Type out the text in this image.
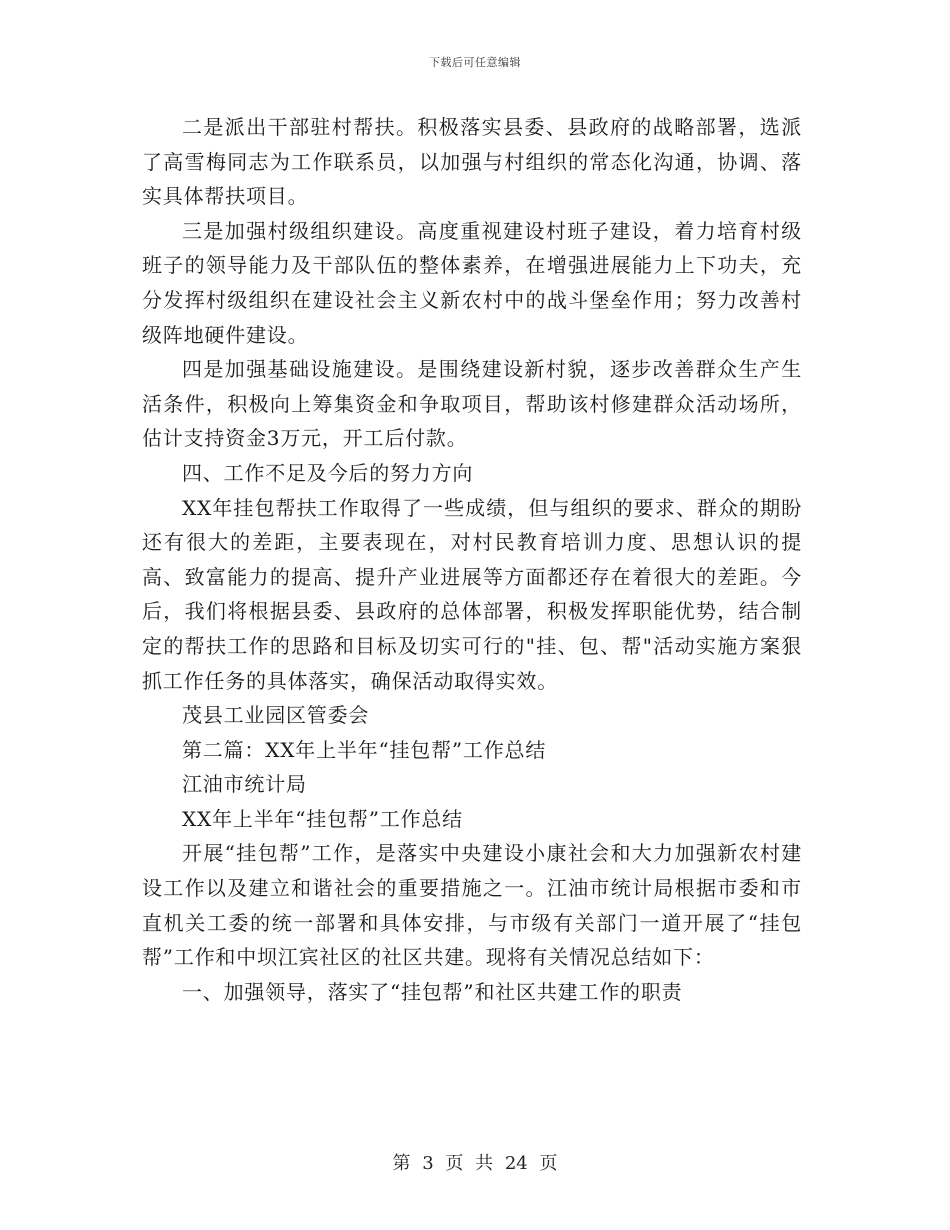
下载后可任意编辑

二是派出干部驻村帮扶。积极落实县委、县政府的战略部署，选派了高雪梅同志为工作联系员，以加强与村组织的常态化沟通，协调、落实具体帮扶项目。

三是加强村级组织建设。高度重视建设村班子建设，着力培育村级班子的领导能力及干部队伍的整体素养，在增强进展能力上下功夫，充分发挥村级组织在建设社会主义新农村中的战斗堡垒作用；努力改善村级阵地硬件建设。

四是加强基础设施建设。是围绕建设新村貌，逐步改善群众生产生活条件，积极向上筹集资金和争取项目，帮助该村修建群众活动场所，估计支持资金3万元，开工后付款。

四、工作不足及今后的努力方向

XX年挂包帮扶工作取得了一些成绩，但与组织的要求、群众的期盼还有很大的差距，主要表现在，对村民教育培训力度、思想认识的提高、致富能力的提高、提升产业进展等方面都还存在着很大的差距。今后，我们将根据县委、县政府的总体部署，积极发挥职能优势，结合制定的帮扶工作的思路和目标及切实可行的"挂、包、帮"活动实施方案狠抓工作任务的具体落实，确保活动取得实效。

茂县工业园区管委会

第二篇：XX年上半年“挂包帮”工作总结

江油市统计局

XX年上半年“挂包帮”工作总结

开展“挂包帮”工作，是落实中央建设小康社会和大力加强新农村建设工作以及建立和谐社会的重要措施之一。江油市统计局根据市委和市直机关工委的统一部署和具体安排，与市级有关部门一道开展了“挂包帮”工作和中坝江宾社区的社区共建。现将有关情况总结如下：

一、加强领导，落实了“挂包帮”和社区共建工作的职责

第 3 页 共 24 页
